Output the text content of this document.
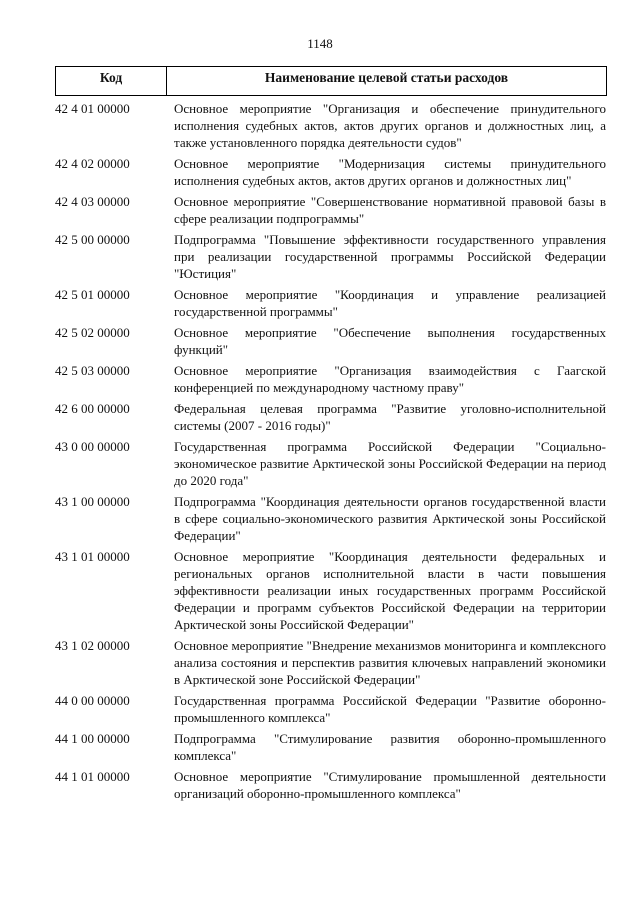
1148
Код	Наименование целевой статьи расходов
42 4 01 00000	Основное мероприятие "Организация и обеспечение принудительного исполнения судебных актов, актов других органов и должностных лиц, а также установленного порядка деятельности судов"
42 4 02 00000	Основное мероприятие "Модернизация системы принудительного исполнения судебных актов, актов других органов и должностных лиц"
42 4 03 00000	Основное мероприятие "Совершенствование нормативной правовой базы в сфере реализации подпрограммы"
42 5 00 00000	Подпрограмма "Повышение эффективности государственного управления при реализации государственной программы Российской Федерации "Юстиция"
42 5 01 00000	Основное мероприятие "Координация и управление реализацией государственной программы"
42 5 02 00000	Основное мероприятие "Обеспечение выполнения государственных функций"
42 5 03 00000	Основное мероприятие "Организация взаимодействия с Гаагской конференцией по международному частному праву"
42 6 00 00000	Федеральная целевая программа "Развитие уголовно-исполнительной системы (2007 - 2016 годы)"
43 0 00 00000	Государственная программа Российской Федерации "Социально-экономическое развитие Арктической зоны Российской Федерации на период до 2020 года"
43 1 00 00000	Подпрограмма "Координация деятельности органов государственной власти в сфере социально-экономического развития Арктической зоны Российской Федерации"
43 1 01 00000	Основное мероприятие "Координация деятельности федеральных и региональных органов исполнительной власти в части повышения эффективности реализации иных государственных программ Российской Федерации и программ субъектов Российской Федерации на территории Арктической зоны Российской Федерации"
43 1 02 00000	Основное мероприятие "Внедрение механизмов мониторинга и комплексного анализа состояния и перспектив развития ключевых направлений экономики в Арктической зоне Российской Федерации"
44 0 00 00000	Государственная программа Российской Федерации "Развитие оборонно-промышленного комплекса"
44 1 00 00000	Подпрограмма "Стимулирование развития оборонно-промышленного комплекса"
44 1 01 00000	Основное мероприятие "Стимулирование промышленной деятельности организаций оборонно-промышленного комплекса"
